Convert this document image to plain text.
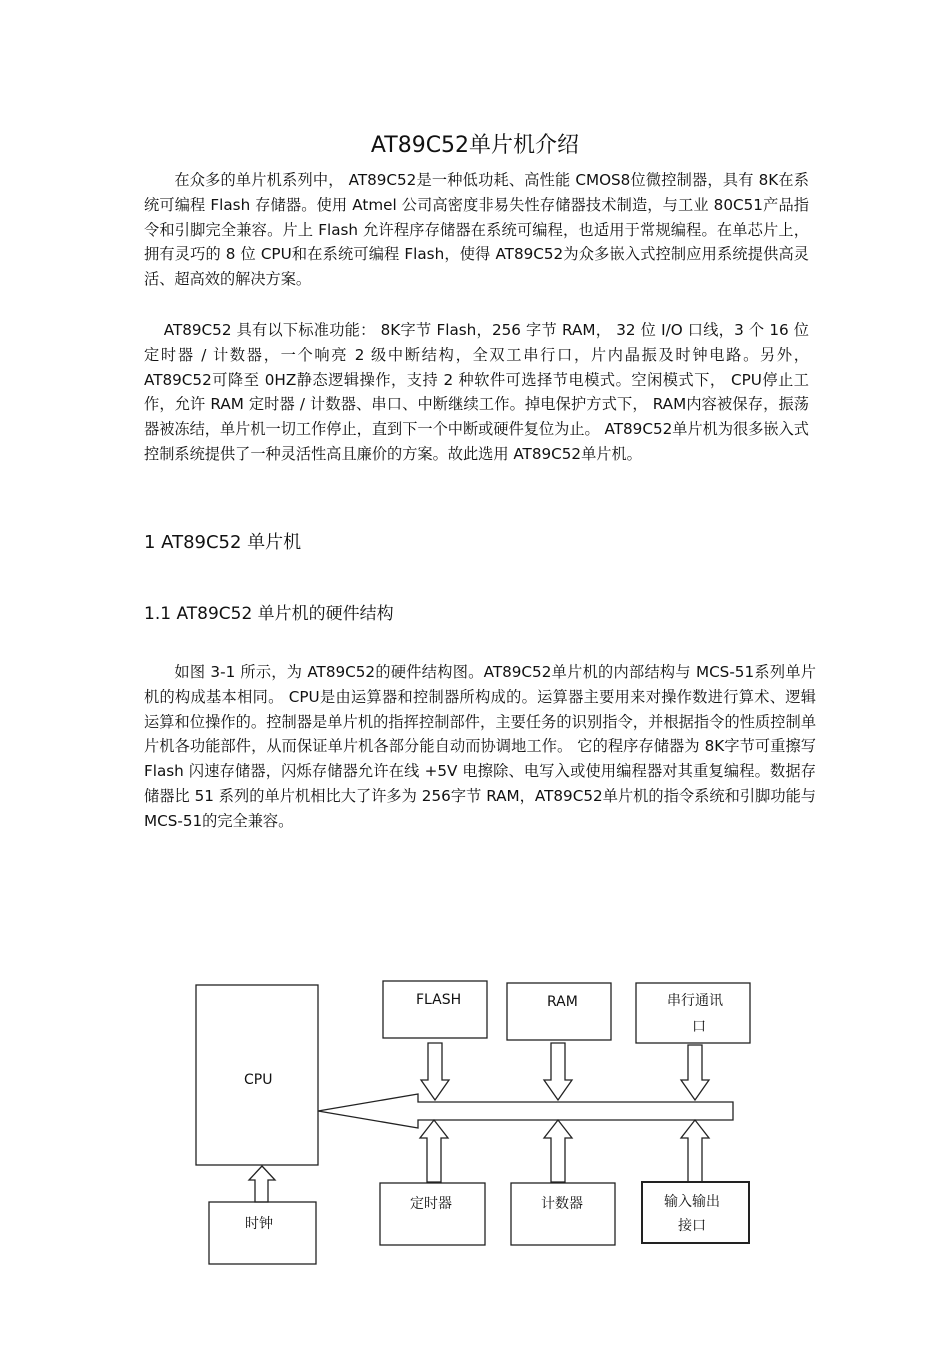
AT89C52单片机介绍

在众多的单片机系列中， AT89C52是一种低功耗、高性能 CMOS8位微控制器，具有 8K在系统可编程 Flash 存储器。使用 Atmel 公司高密度非易失性存储器技术制造，与工业 80C51产品指令和引脚完全兼容。片上 Flash 允许程序存储器在系统可编程，也适用于常规编程。在单芯片上，拥有灵巧的 8 位 CPU和在系统可编程 Flash，使得 AT89C52为众多嵌入式控制应用系统提供高灵活、超高效的解决方案。

AT89C52 具有以下标准功能： 8K字节 Flash，256 字节 RAM， 32 位 I/O 口线，3 个 16 位定时器 / 计数器，一个响亮 2 级中断结构，全双工串行口，片内晶振及时钟电路。另外， AT89C52可降至 0HZ静态逻辑操作，支持 2 种软件可选择节电模式。空闲模式下， CPU停止工作，允许 RAM 定时器 / 计数器、串口、中断继续工作。掉电保护方式下， RAM内容被保存，振荡器被冻结，单片机一切工作停止，直到下一个中断或硬件复位为止。 AT89C52单片机为很多嵌入式控制系统提供了一种灵活性高且廉价的方案。故此选用 AT89C52单片机。

1 AT89C52 单片机
1.1 AT89C52 单片机的硬件结构

如图 3-1 所示，为 AT89C52的硬件结构图。AT89C52单片机的内部结构与 MCS-51系列单片机的构成基本相同。 CPU是由运算器和控制器所构成的。运算器主要用来对操作数进行算术、逻辑运算和位操作的。控制器是单片机的指挥控制部件，主要任务的识别指令，并根据指令的性质控制单片机各功能部件，从而保证单片机各部分能自动而协调地工作。 它的程序存储器为 8K字节可重擦写 Flash 闪速存储器，闪烁存储器允许在线 +5V 电擦除、电写入或使用编程器对其重复编程。数据存储器比 51 系列的单片机相比大了许多为 256字节 RAM，AT89C52单片机的指令系统和引脚功能与 MCS-51的完全兼容。

CPU
时钟
FLASH	RAM	串行通讯
口
定时器	计数器	输入输出
接口
